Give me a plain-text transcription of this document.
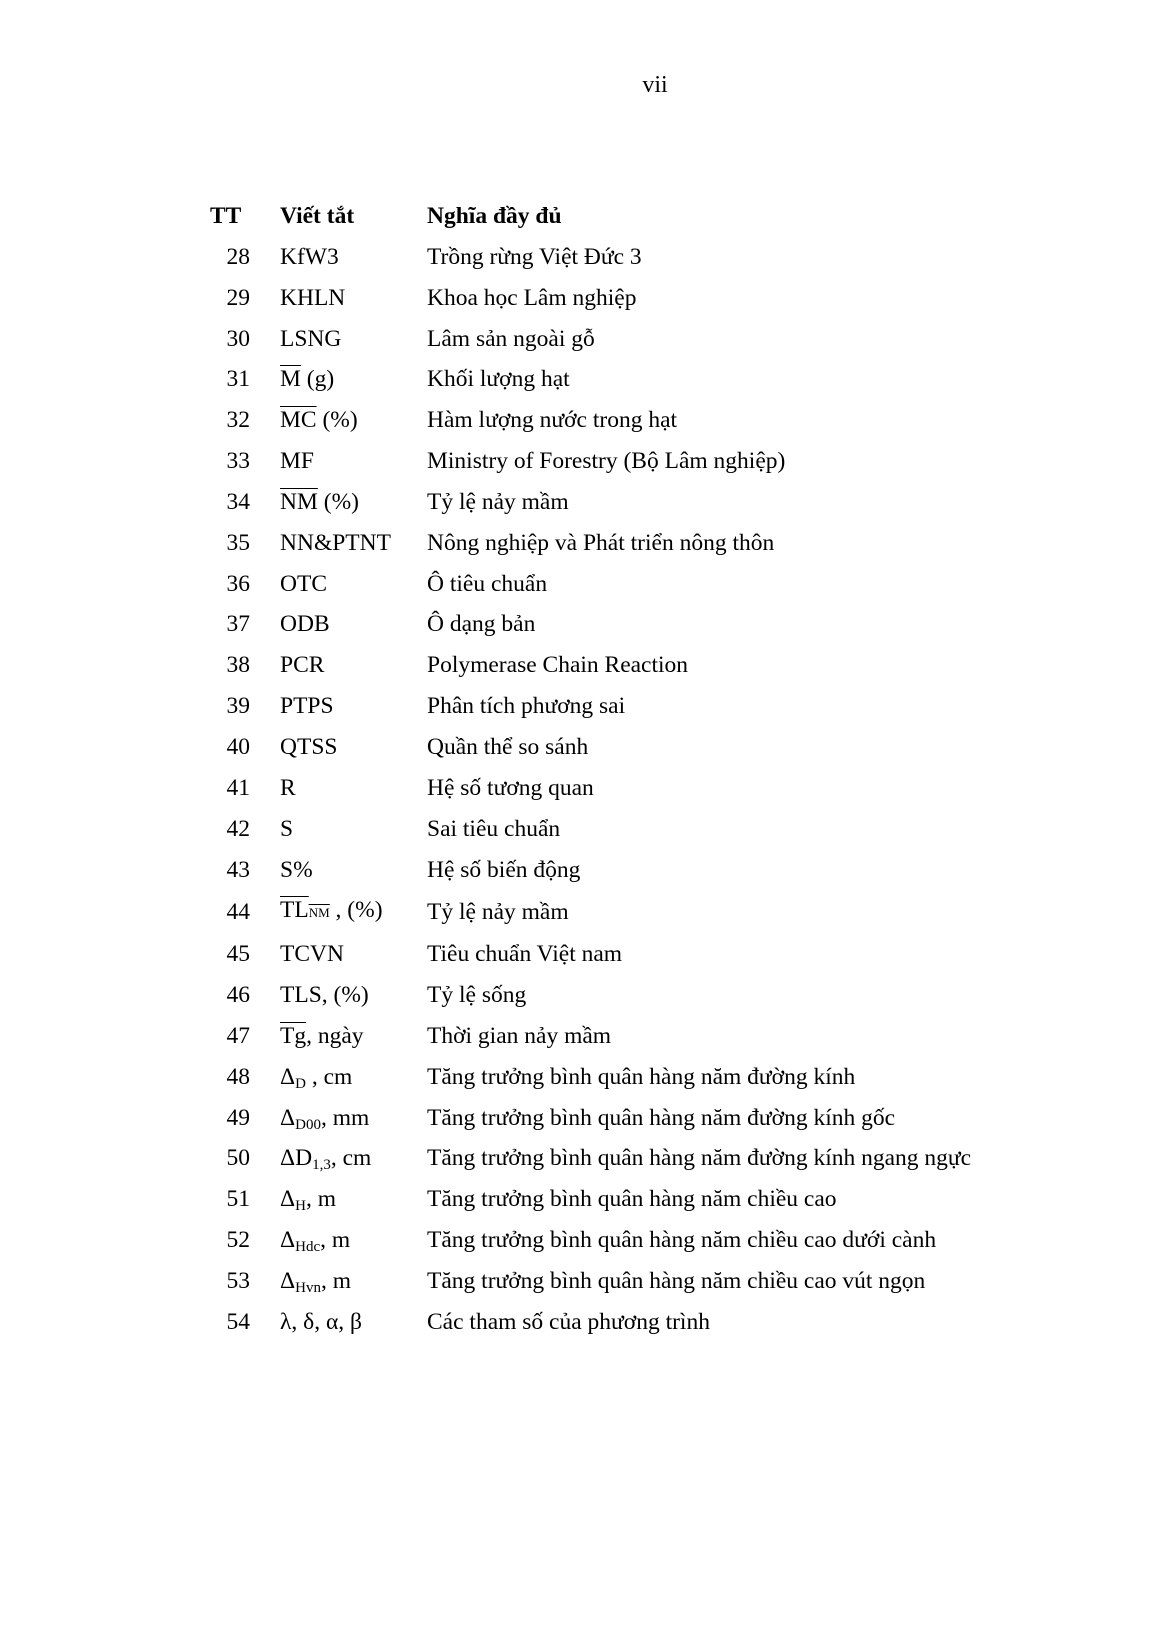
vii
TT	Viết tắt	Nghĩa đầy đủ
28	KfW3	Trồng rừng Việt Đức 3
29	KHLN	Khoa học Lâm nghiệp
30	LSNG	Lâm sản ngoài gỗ
31	$\overline{M}$ (g)	Khối lượng hạt
32	$\overline{MC}$ (%)	Hàm lượng nước trong hạt
33	MF	Ministry of Forestry (Bộ Lâm nghiệp)
34	$\overline{NM}$ (%)	Tỷ lệ nảy mầm
35	NN&PTNT	Nông nghiệp và Phát triển nông thôn
36	OTC	Ô tiêu chuẩn
37	ODB	Ô dạng bản
38	PCR	Polymerase Chain Reaction
39	PTPS	Phân tích phương sai
40	QTSS	Quần thể so sánh
41	R	Hệ số tương quan
42	S	Sai tiêu chuẩn
43	S%	Hệ số biến động
44	TLNM , (%)	Tỷ lệ nảy mầm
45	TCVN	Tiêu chuẩn Việt nam
46	TLS, (%)	Tỷ lệ sống
47	$\overline{Tg}$, ngày	Thời gian nảy mầm
48	ΔD , cm	Tăng trưởng bình quân hàng năm đường kính
49	ΔD00, mm	Tăng trưởng bình quân hàng năm đường kính gốc
50	ΔD1,3, cm	Tăng trưởng bình quân hàng năm đường kính ngang ngực
51	ΔH, m	Tăng trưởng bình quân hàng năm chiều cao
52	ΔHdc, m	Tăng trưởng bình quân hàng năm chiều cao dưới cành
53	ΔHvn, m	Tăng trưởng bình quân hàng năm chiều cao vút ngọn
54	λ, δ, α, β	Các tham số của phương trình
